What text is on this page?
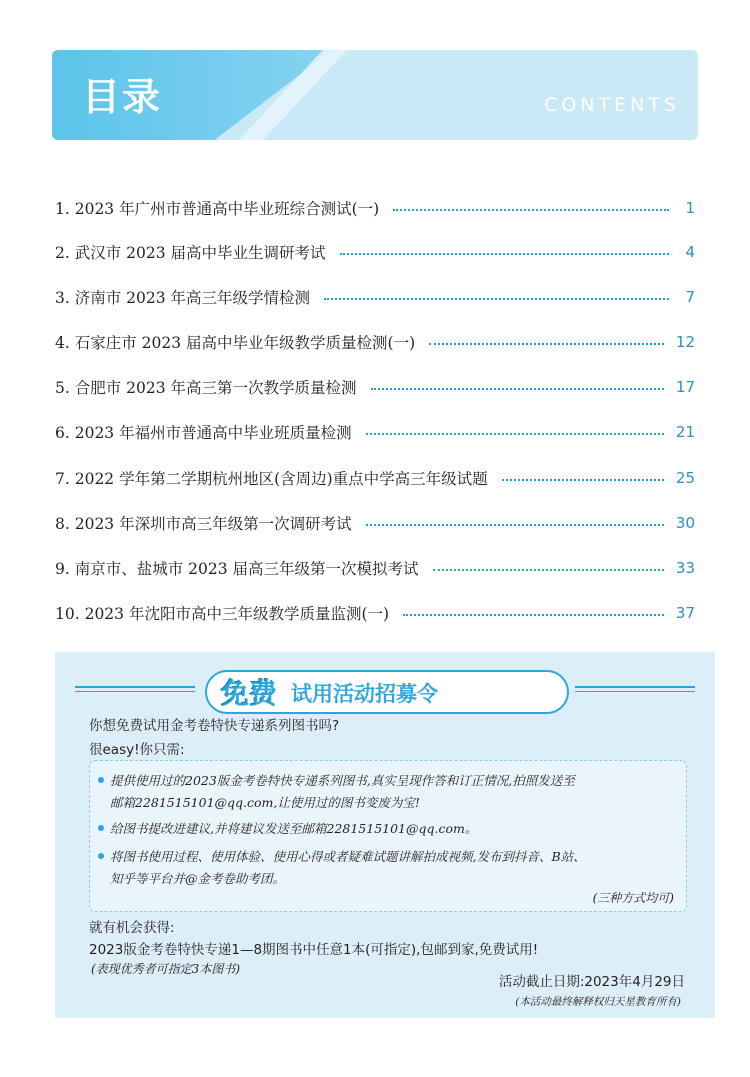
目录	CONTENTS
1. 2023 年广州市普通高中毕业班综合测试(一)	1
2. 武汉市 2023 届高中毕业生调研考试	4
3. 济南市 2023 年高三年级学情检测	7
4. 石家庄市 2023 届高中毕业年级教学质量检测(一)	12
5. 合肥市 2023 年高三第一次教学质量检测	17
6. 2023 年福州市普通高中毕业班质量检测	21
7. 2022 学年第二学期杭州地区(含周边)重点中学高三年级试题	25
8. 2023 年深圳市高三年级第一次调研考试	30
9. 南京市、盐城市 2023 届高三年级第一次模拟考试	33
10. 2023 年沈阳市高中三年级教学质量监测(一)	37
免费 试用活动招募令
你想免费试用金考卷特快专递系列图书吗?
很easy!你只需:
提供使用过的2023版金考卷特快专递系列图书,真实呈现作答和订正情况,拍照发送至
邮箱2281515101@qq.com,让使用过的图书变废为宝!
给图书提改进建议,并将建议发送至邮箱2281515101@qq.com。
将图书使用过程、使用体验、使用心得或者疑难试题讲解拍成视频,发布到抖音、B站、
知乎等平台并@金考卷助考团。
(三种方式均可)
就有机会获得:
2023版金考卷特快专递1—8期图书中任意1本(可指定),包邮到家,免费试用!
(表现优秀者可指定3本图书)
活动截止日期:2023年4月29日
(本活动最终解释权归天星教育所有)
